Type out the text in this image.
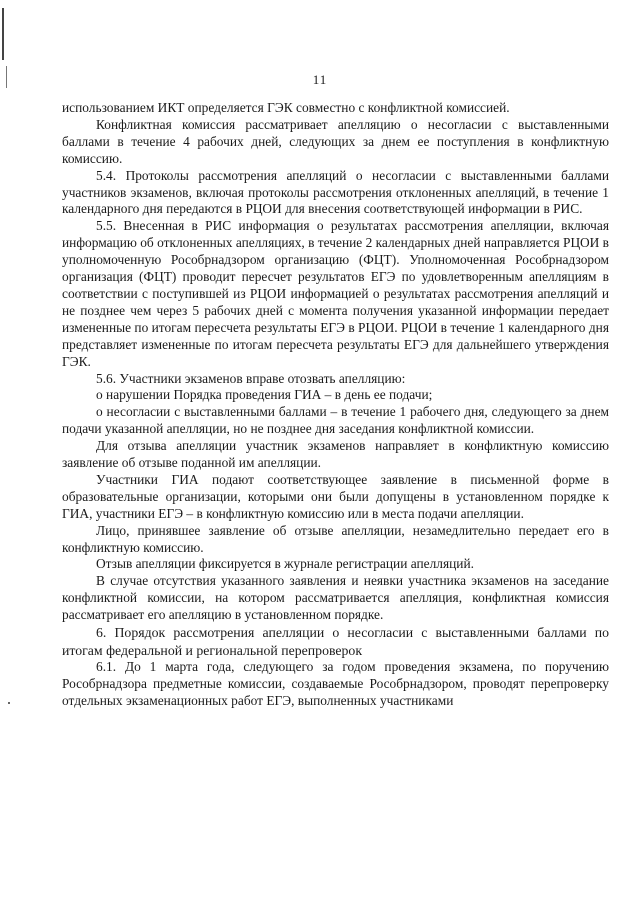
11

использованием ИКТ определяется ГЭК совместно с конфликтной комиссией.

Конфликтная комиссия рассматривает апелляцию о несогласии с выставленными баллами в течение 4 рабочих дней, следующих за днем ее поступления в конфликтную комиссию.

5.4. Протоколы рассмотрения апелляций о несогласии с выставленными баллами участников экзаменов, включая протоколы рассмотрения отклоненных апелляций, в течение 1 календарного дня передаются в РЦОИ для внесения соответствующей информации в РИС.

5.5. Внесенная в РИС информация о результатах рассмотрения апелляции, включая информацию об отклоненных апелляциях, в течение 2 календарных дней направляется РЦОИ в уполномоченную Рособрнадзором организацию (ФЦТ). Уполномоченная Рособрнадзором организация (ФЦТ) проводит пересчет результатов ЕГЭ по удовлетворенным апелляциям в соответствии с поступившей из РЦОИ информацией о результатах рассмотрения апелляций и не позднее чем через 5 рабочих дней с момента получения указанной информации передает измененные по итогам пересчета результаты ЕГЭ в РЦОИ. РЦОИ в течение 1 календарного дня представляет измененные по итогам пересчета результаты ЕГЭ для дальнейшего утверждения ГЭК.

5.6. Участники экзаменов вправе отозвать апелляцию:

о нарушении Порядка проведения ГИА – в день ее подачи;

о несогласии с выставленными баллами – в течение 1 рабочего дня, следующего за днем подачи указанной апелляции, но не позднее дня заседания конфликтной комиссии.

Для отзыва апелляции участник экзаменов направляет в конфликтную комиссию заявление об отзыве поданной им апелляции.

Участники ГИА подают соответствующее заявление в письменной форме в образовательные организации, которыми они были допущены в установленном порядке к ГИА, участники ЕГЭ – в конфликтную комиссию или в места подачи апелляции.

Лицо, принявшее заявление об отзыве апелляции, незамедлительно передает его в конфликтную комиссию.

Отзыв апелляции фиксируется в журнале регистрации апелляций.

В случае отсутствия указанного заявления и неявки участника экзаменов на заседание конфликтной комиссии, на котором рассматривается апелляция, конфликтная комиссия рассматривает его апелляцию в установленном порядке.

6. Порядок рассмотрения апелляции о несогласии с выставленными баллами по итогам федеральной и региональной перепроверок

6.1. До 1 марта года, следующего за годом проведения экзамена, по поручению Рособрнадзора предметные комиссии, создаваемые Рособрнадзором, проводят перепроверку отдельных экзаменационных работ ЕГЭ, выполненных участниками
